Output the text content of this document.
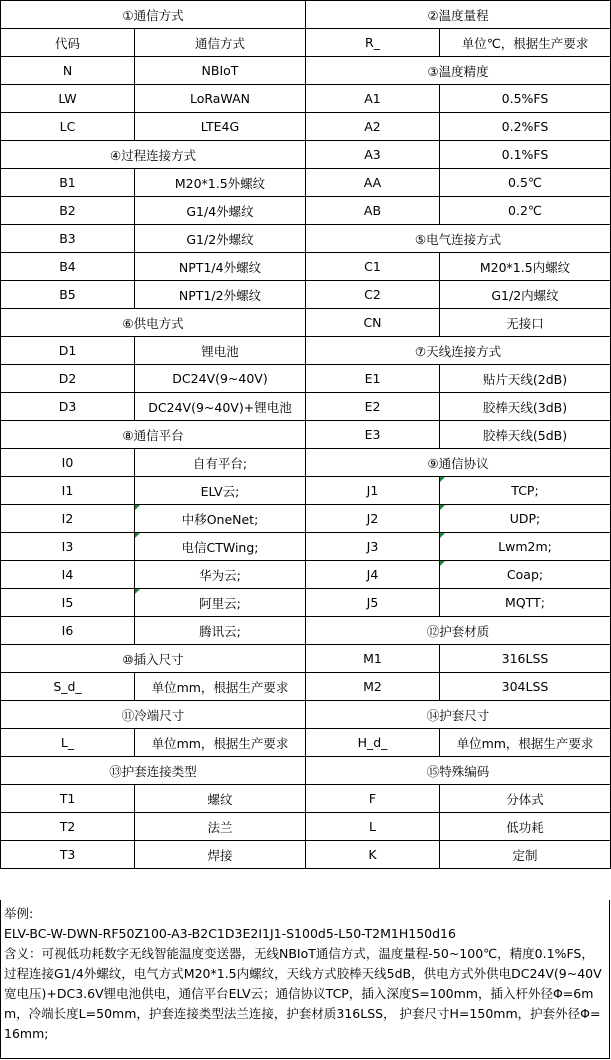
①通信方式		②温度量程	
代码	通信方式	R_	单位℃，根据生产要求
N	NBIoT	③温度精度	
LW	LoRaWAN	A1	0.5%FS
LC	LTE4G	A2	0.2%FS
④过程连接方式		A3	0.1%FS
B1	M20*1.5外螺纹	AA	0.5℃
B2	G1/4外螺纹	AB	0.2℃
B3	G1/2外螺纹	⑤电气连接方式	
B4	NPT1/4外螺纹	C1	M20*1.5内螺纹
B5	NPT1/2外螺纹	C2	G1/2内螺纹
⑥供电方式		CN	无接口
D1	锂电池	⑦天线连接方式	
D2	DC24V(9~40V)	E1	贴片天线(2dB)
D3	DC24V(9~40V)+锂电池	E2	胶棒天线(3dB)
⑧通信平台		E3	胶棒天线(5dB)
I0	自有平台;	⑨通信协议	
I1	ELV云;	J1	TCP;
I2	中移OneNet;	J2	UDP;
I3	电信CTWing;	J3	Lwm2m;
I4	华为云;	J4	Coap;
I5	阿里云;	J5	MQTT;
I6	腾讯云;	⑫护套材质	
⑩插入尺寸		M1	316LSS
S_d_	单位mm，根据生产要求	M2	304LSS
⑪冷端尺寸		⑭护套尺寸	
L_	单位mm，根据生产要求	H_d_	单位mm，根据生产要求
⑬护套连接类型		⑮特殊编码	
T1	螺纹	F	分体式
T2	法兰	L	低功耗
T3	焊接	K	定制
举例:
ELV-BC-W-DWN-RF50Z100-A3-B2C1D3E2I1J1-S100d5-L50-T2M1H150d16
含义：可视低功耗数字无线智能温度变送器，无线NBIoT通信方式，温度量程-50~100℃，精度0.1%FS，过程连接G1/4外螺纹，电气方式M20*1.5内螺纹，天线方式胶棒天线5dB，供电方式外供电DC24V(9~40V宽电压)+DC3.6V锂电池供电，通信平台ELV云；通信协议TCP，插入深度S=100mm，插入杆外径Φ=6mm，冷端长度L=50mm，护套连接类型法兰连接，护套材质316LSS， 护套尺寸H=150mm，护套外径Φ=16mm;
